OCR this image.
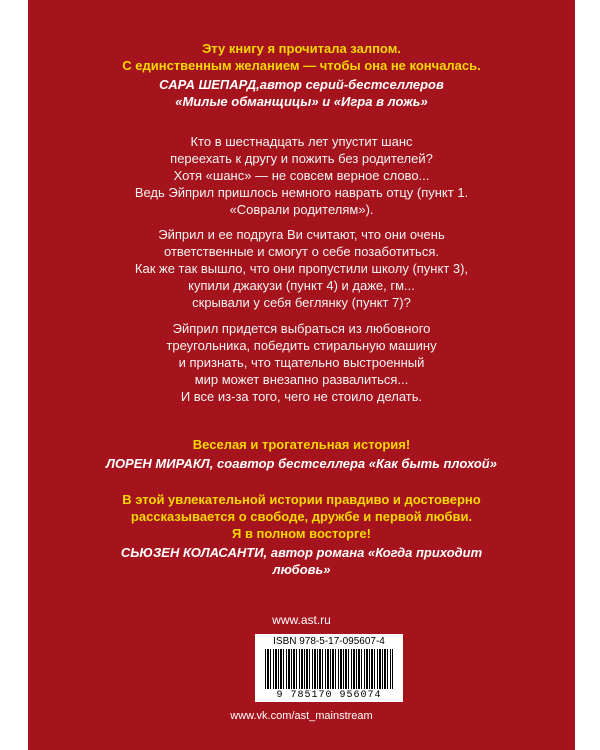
Эту книгу я прочитала залпом.
С единственным желанием — чтобы она не кончалась.
САРА ШЕПАРД,автор серий-бестселлеров
«Милые обманщицы» и «Игра в ложь»
Кто в шестнадцать лет упустит шанс
переехать к другу и пожить без родителей?
Хотя «шанс» — не совсем верное слово...
Ведь Эйприл пришлось немного наврать отцу (пункт 1.
«Соврали родителям»).
Эйприл и ее подруга Ви считают, что они очень
ответственные и смогут о себе позаботиться.
Как же так вышло, что они пропустили школу (пункт 3),
купили джакузи (пункт 4) и даже, гм...
скрывали у себя беглянку (пункт 7)?
Эйприл придется выбраться из любовного
треугольника, победить стиральную машину
и признать, что тщательно выстроенный
мир может внезапно развалиться...
И все из-за того, чего не стоило делать.
Веселая и трогательная история!
ЛОРЕН МИРАКЛ, соавтор бестселлера «Как быть плохой»
В этой увлекательной истории правдиво и достоверно
рассказывается о свободе, дружбе и первой любви.
Я в полном восторге!
СЬЮЗЕН КОЛАСАНТИ, автор романа «Когда приходит
любовь»
www.ast.ru
ISBN 978-5-17-095607-4
9 785170 956074
www.vk.com/ast_mainstream
